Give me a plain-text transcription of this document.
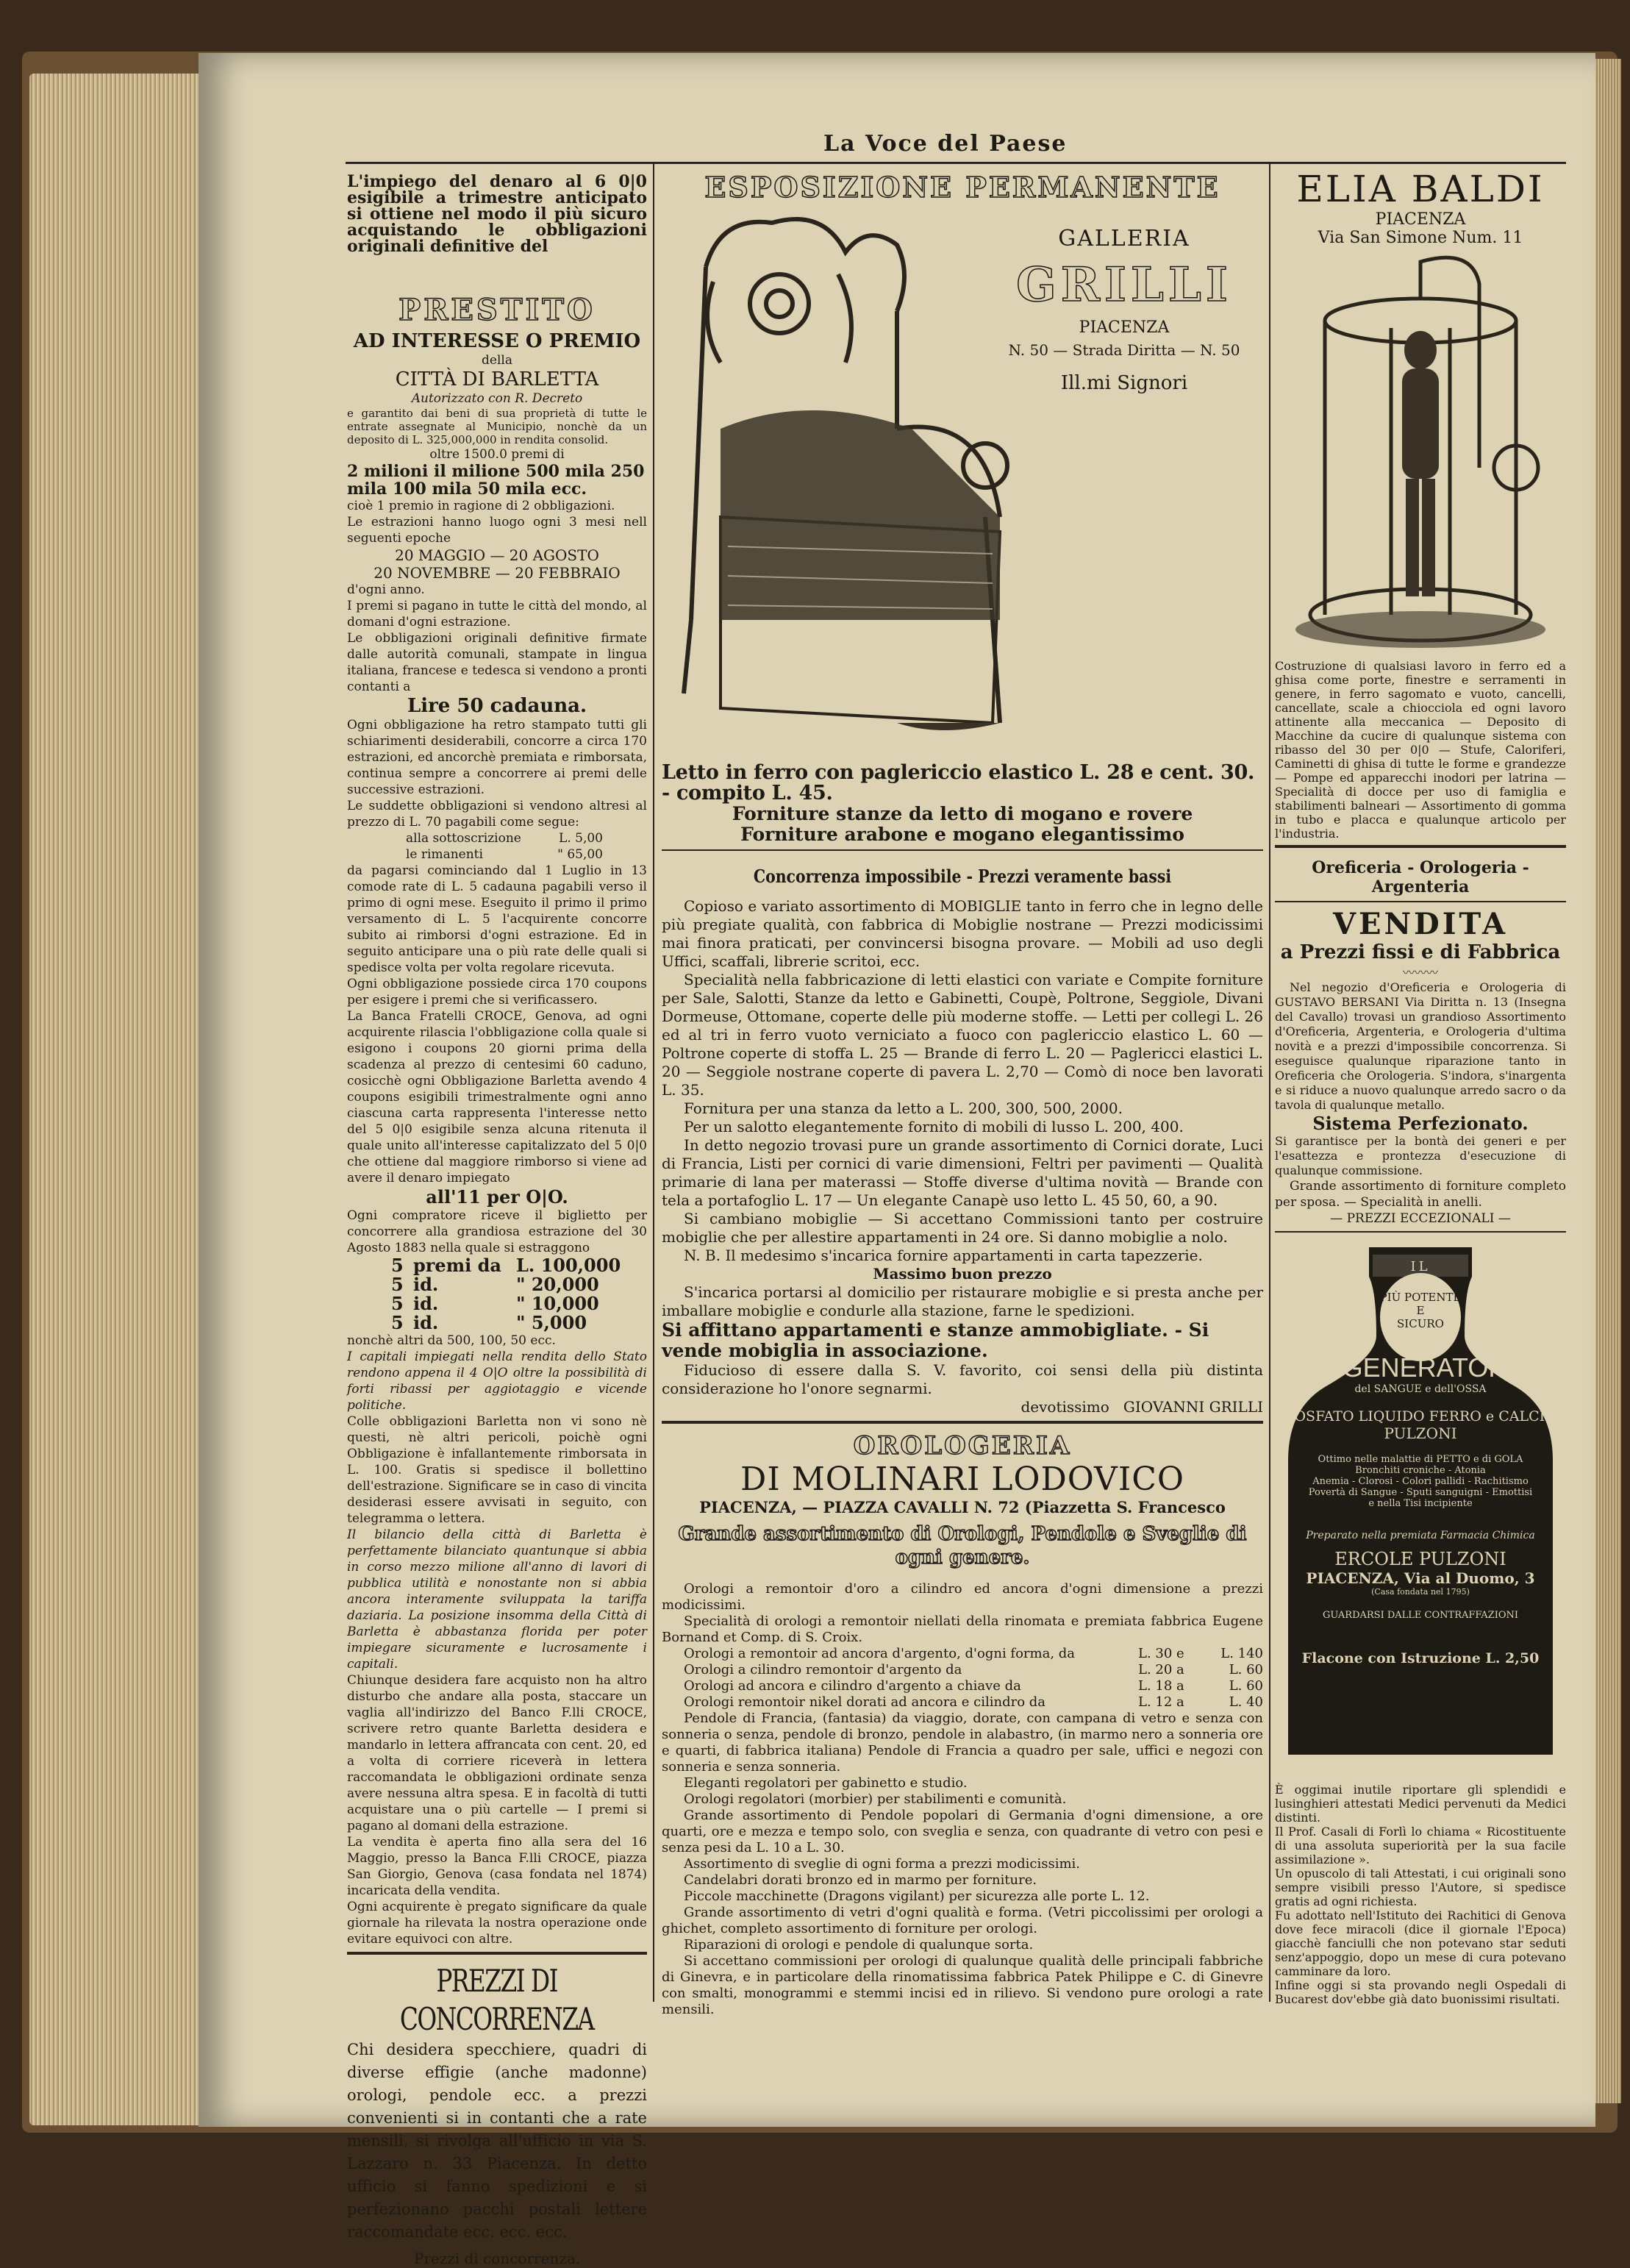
La Voce del Paese

L'impiego del denaro al 6 0|0 esigibile a trimestre anticipato si ottiene nel modo il più sicuro acquistando le obbligazioni originali definitive del

PRESTITO

AD INTERESSE O PREMIO

della

CITTÀ DI BARLETTA

Autorizzato con R. Decreto

e garantito dai beni di sua proprietà di tutte le entrate assegnate al Municipio, nonchè da un deposito di L. 325,000,000 in rendita consolid.

oltre 1500.0 premi di

2 milioni il milione 500 mila 250 mila 100 mila 50 mila ecc.

cioè 1 premio in ragione di 2 obbligazioni.

Le estrazioni hanno luogo ogni 3 mesi nell seguenti epoche

20 MAGGIO — 20 AGOSTO

20 NOVEMBRE — 20 FEBBRAIO

d'ogni anno.

I premi si pagano in tutte le città del mondo, al domani d'ogni estrazione.

Le obbligazioni originali definitive firmate dalle autorità comunali, stampate in lingua italiana, francese e tedesca si vendono a pronti contanti a

Lire 50 cadauna.

Ogni obbligazione ha retro stampato tutti gli schiarimenti desiderabili, concorre a circa 170 estrazioni, ed ancorchè premiata e rimborsata, continua sempre a concorrere ai premi delle successive estrazioni.

Le suddette obbligazioni si vendono altresi al prezzo di L. 70 pagabili come segue:

alla sottoscrizione	L. 5,00
le rimanenti	" 65,00

da pagarsi cominciando dal 1 Luglio in 13 comode rate di L. 5 cadauna pagabili verso il primo di ogni mese. Eseguito il primo il primo versamento di L. 5 l'acquirente concorre subito ai rimborsi d'ogni estrazione. Ed in seguito anticipare una o più rate delle quali si spedisce volta per volta regolare ricevuta.

Ogni obbligazione possiede circa 170 coupons per esigere i premi che si verificassero.

La Banca Fratelli CROCE, Genova, ad ogni acquirente rilascia l'obbligazione colla quale si esigono i coupons 20 giorni prima della scadenza al prezzo di centesimi 60 caduno, cosicchè ogni Obbligazione Barletta avendo 4 coupons esigibili trimestralmente ogni anno ciascuna carta rappresenta l'interesse netto del 5 0|0 esigibile senza alcuna ritenuta il quale unito all'interesse capitalizzato del 5 0|0 che ottiene dal maggiore rimborso si viene ad avere il denaro impiegato

all'11 per O|O.

Ogni compratore riceve il biglietto per concorrere alla grandiosa estrazione del 30 Agosto 1883 nella quale si estraggono

5 premi da L. 100,000
5 id.	" 20,000
5 id.	" 10,000
5 id.	" 5,000

nonchè altri da 500, 100, 50 ecc.

I capitali impiegati nella rendita dello Stato rendono appena il 4 O|O oltre la possibilità di forti ribassi per aggiotaggio e vicende politiche.

Colle obbligazioni Barletta non vi sono nè questi, nè altri pericoli, poichè ogni Obbligazione è infallantemente rimborsata in L. 100. Gratis si spedisce il bollettino dell'estrazione. Significare se in caso di vincita desiderasi essere avvisati in seguito, con telegramma o lettera.

Il bilancio della città di Barletta è perfettamente bilanciato quantunque si abbia in corso mezzo milione all'anno di lavori di pubblica utilità e nonostante non si abbia ancora interamente sviluppata la tariffa daziaria. La posizione insomma della Città di Barletta è abbastanza florida per poter impiegare sicuramente e lucrosamente i capitali.

Chiunque desidera fare acquisto non ha altro disturbo che andare alla posta, staccare un vaglia all'indirizzo del Banco F.lli CROCE, scrivere retro quante Barletta desidera e mandarlo in lettera affrancata con cent. 20, ed a volta di corriere riceverà in lettera raccomandata le obbligazioni ordinate senza avere nessuna altra spesa. E in facoltà di tutti acquistare una o più cartelle — I premi si pagano al domani della estrazione.

La vendita è aperta fino alla sera del 16 Maggio, presso la Banca F.lli CROCE, piazza San Giorgio, Genova (casa fondata nel 1874) incaricata della vendita.

Ogni acquirente è pregato significare da quale giornale ha rilevata la nostra operazione onde evitare equivoci con altre.

PREZZI DI CONCORRENZA

Chi desidera specchiere, quadri di diverse effigie (anche madonne) orologi, pendole ecc. a prezzi convenienti si in contanti che a rate mensili, si rivolga all'ufficio in via S. Lazzaro n. 33 Piacenza. In detto ufficio si fanno spedizioni e si perfezionano pacchi postali lettere raccomandate ecc. ecc. ecc.

Prezzi di concorrenza.

ESPOSIZIONE PERMANENTE

GALLERIA

GRILLI

PIACENZA

N. 50 — Strada Diritta — N. 50

Ill.mi Signori

Letto in ferro con paglericcio elastico L. 28 e cent. 30. - compito L. 45.

Forniture stanze da letto di mogano e rovere

Forniture arabone e mogano elegantissimo

Concorrenza impossibile - Prezzi veramente bassi

Copioso e variato assortimento di MOBIGLIE tanto in ferro che in legno delle più pregiate qualità, con fabbrica di Mobiglie nostrane — Prezzi modicissimi mai finora praticati, per convincersi bisogna provare. — Mobili ad uso degli Uffici, scaffali, librerie scritoi, ecc.

Specialità nella fabbricazione di letti elastici con variate e Compite forniture per Sale, Salotti, Stanze da letto e Gabinetti, Coupè, Poltrone, Seggiole, Divani Dormeuse, Ottomane, coperte delle più moderne stoffe. — Letti per collegi L. 26 ed al tri in ferro vuoto verniciato a fuoco con paglericcio elastico L. 60 — Poltrone coperte di stoffa L. 25 — Brande di ferro L. 20 — Paglericci elastici L. 20 — Seggiole nostrane coperte di pavera L. 2,70 — Comò di noce ben lavorati L. 35.

Fornitura per una stanza da letto a L. 200, 300, 500, 2000.

Per un salotto elegantemente fornito di mobili di lusso L. 200, 400.

In detto negozio trovasi pure un grande assortimento di Cornici dorate, Luci di Francia, Listi per cornici di varie dimensioni, Feltri per pavimenti — Qualità primarie di lana per materassi — Stoffe diverse d'ultima novità — Brande con tela a portafoglio L. 17 — Un elegante Canapè uso letto L. 45 50, 60, a 90.

Si cambiano mobiglie — Si accettano Commissioni tanto per costruire mobiglie che per allestire appartamenti in 24 ore. Si danno mobiglie a nolo.

N. B. Il medesimo s'incarica fornire appartamenti in carta tapezzerie.

Massimo buon prezzo

S'incarica portarsi al domicilio per ristaurare mobiglie e si presta anche per imballare mobiglie e condurle alla stazione, farne le spedizioni.

Si affittano appartamenti e stanze ammobigliate. - Si vende mobiglia in associazione.

Fiducioso di essere dalla S. V. favorito, coi sensi della più distinta considerazione ho l'onore segnarmi.

devotissimo GIOVANNI GRILLI

OROLOGERIA

DI MOLINARI LODOVICO

PIACENZA, — PIAZZA CAVALLI N. 72 (Piazzetta S. Francesco

Grande assortimento di Orologi, Pendole e Sveglie di ogni genere.

Orologi a remontoir d'oro a cilindro ed ancora d'ogni dimensione a prezzi modicissimi.

Specialità di orologi a remontoir niellati della rinomata e premiata fabbrica Eugene Bornand et Comp. di S. Croix.

Orologi a remontoir ad ancora d'argento, d'ogni forma, da	L. 30 e	L. 140
Orologi a cilindro remontoir d'argento da	L. 20 a	L. 60
Orologi ad ancora e cilindro d'argento a chiave da	L. 18 a	L. 60
Orologi remontoir nikel dorati ad ancora e cilindro da	L. 12 a	L. 40

Pendole di Francia, (fantasia) da viaggio, dorate, con campana di vetro e senza con sonneria o senza, pendole di bronzo, pendole in alabastro, (in marmo nero a sonneria ore e quarti, di fabbrica italiana) Pendole di Francia a quadro per sale, uffici e negozi con sonneria e senza sonneria.

Eleganti regolatori per gabinetto e studio.

Orologi regolatori (morbier) per stabilimenti e comunità.

Grande assortimento di Pendole popolari di Germania d'ogni dimensione, a ore quarti, ore e mezza e tempo solo, con sveglia e senza, con quadrante di vetro con pesi e senza pesi da L. 10 a L. 30.

Assortimento di sveglie di ogni forma a prezzi modicissimi.

Candelabri dorati bronzo ed in marmo per forniture.

Piccole macchinette (Dragons vigilant) per sicurezza alle porte L. 12.

Grande assortimento di vetri d'ogni qualità e forma. (Vetri piccolissimi per orologi a ghichet, completo assortimento di forniture per orologi.

Riparazioni di orologi e pendole di qualunque sorta.

Si accettano commissioni per orologi di qualunque qualità delle principali fabbriche di Ginevra, e in particolare della rinomatissima fabbrica Patek Philippe e C. di Ginevre con smalti, monogrammi e stemmi incisi ed in rilievo. Si vendono pure orologi a rate mensili.

ELIA BALDI

PIACENZA

Via San Simone Num. 11

Costruzione di qualsiasi lavoro in ferro ed a ghisa come porte, finestre e serramenti in genere, in ferro sagomato e vuoto, cancelli, cancellate, scale a chiocciola ed ogni lavoro attinente alla meccanica — Deposito di Macchine da cucire di qualunque sistema con ribasso del 30 per 0|0 — Stufe, Caloriferi, Caminetti di ghisa di tutte le forme e grandezze — Pompe ed apparecchi inodori per latrina — Specialità di docce per uso di famiglia e stabilimenti balneari — Assortimento di gomma in tubo e placca e qualunque articolo per l'industria.

Oreficeria - Orologeria - Argenteria

VENDITA

a Prezzi fissi e di Fabbrica

〰〰〰

Nel negozio d'Oreficeria e Orologeria di GUSTAVO BERSANI Via Diritta n. 13 (Insegna del Cavallo) trovasi un grandioso Assortimento d'Oreficeria, Argenteria, e Orologeria d'ultima novità e a prezzi d'impossibile concorrenza. Si eseguisce qualunque riparazione tanto in Oreficeria che Orologeria. S'indora, s'inargenta e si riduce a nuovo qualunque arredo sacro o da tavola di qualunque metallo.

Sistema Perfezionato.

Si garantisce per la bontà dei generi e per l'esattezza e prontezza d'esecuzione di qualunque commissione.

Grande assortimento di forniture completo per sposa. — Specialità in anelli.

— PREZZI ECCEZIONALI —

IL

PIÙ POTENTE

E

SICURO

RIGENERATORE

del SANGUE e dell'OSSA

FOSFATO LIQUIDO FERRO e CALCIO

PULZONI

Ottimo nelle malattie di PETTO e di GOLA

Bronchiti croniche - Atonia

Anemia - Clorosi - Colori pallidi - Rachitismo

Povertà di Sangue - Sputi sanguigni - Emottisi

e nella Tisi incipiente

Preparato nella premiata Farmacia Chimica

ERCOLE PULZONI

PIACENZA, Via al Duomo, 3

(Casa fondata nel 1795)

GUARDARSI DALLE CONTRAFFAZIONI

Flacone con Istruzione L. 2,50

È oggimai inutile riportare gli splendidi e lusinghieri attestati Medici pervenuti da Medici distinti.

Il Prof. Casali di Forlì lo chiama « Ricostituente di una assoluta superiorità per la sua facile assimilazione ».

Un opuscolo di tali Attestati, i cui originali sono sempre visibili presso l'Autore, si spedisce gratis ad ogni richiesta.

Fu adottato nell'Istituto dei Rachitici di Genova dove fece miracoli (dice il giornale l'Epoca) giacchè fanciulli che non potevano star seduti senz'appoggio, dopo un mese di cura potevano camminare da loro.

Infine oggi si sta provando negli Ospedali di Bucarest dov'ebbe già dato buonissimi risultati.
